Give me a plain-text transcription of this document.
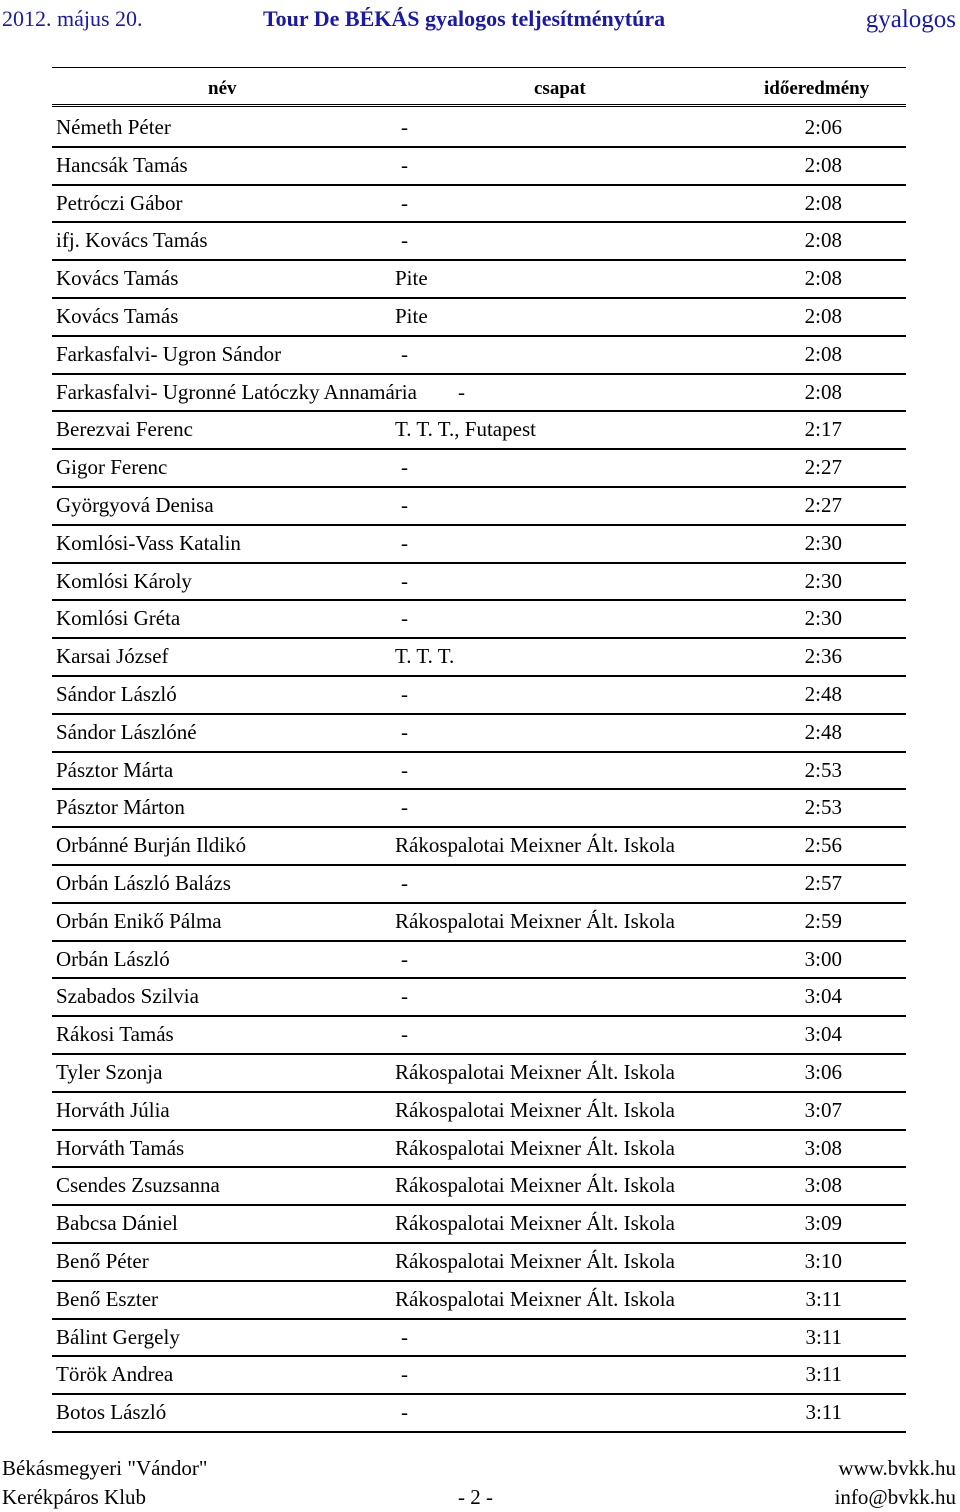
2012. május 20.	Tour De BÉKÁS gyalogos teljesítménytúra	gyalogos
név	csapat	időeredmény
Németh Péter	-	2:06
Hancsák Tamás	-	2:08
Petróczi Gábor	-	2:08
ifj. Kovács Tamás	-	2:08
Kovács Tamás	Pite	2:08
Kovács Tamás	Pite	2:08
Farkasfalvi- Ugron Sándor	-	2:08
Farkasfalvi- Ugronné Latóczky Annamária -	2:08
Berezvai Ferenc	T. T. T., Futapest	2:17
Gigor Ferenc	-	2:27
Györgyová Denisa	-	2:27
Komlósi-Vass Katalin	-	2:30
Komlósi Károly	-	2:30
Komlósi Gréta	-	2:30
Karsai József	T. T. T.	2:36
Sándor László	-	2:48
Sándor Lászlóné	-	2:48
Pásztor Márta	-	2:53
Pásztor Márton	-	2:53
Orbánné Burján Ildikó	Rákospalotai Meixner Ált. Iskola	2:56
Orbán László Balázs	-	2:57
Orbán Enikő Pálma	Rákospalotai Meixner Ált. Iskola	2:59
Orbán László	-	3:00
Szabados Szilvia	-	3:04
Rákosi Tamás	-	3:04
Tyler Szonja	Rákospalotai Meixner Ált. Iskola	3:06
Horváth Júlia	Rákospalotai Meixner Ált. Iskola	3:07
Horváth Tamás	Rákospalotai Meixner Ált. Iskola	3:08
Csendes Zsuzsanna	Rákospalotai Meixner Ált. Iskola	3:08
Babcsa Dániel	Rákospalotai Meixner Ált. Iskola	3:09
Benő Péter	Rákospalotai Meixner Ált. Iskola	3:10
Benő Eszter	Rákospalotai Meixner Ált. Iskola	3:11
Bálint Gergely	-	3:11
Török Andrea	-	3:11
Botos László	-	3:11
Békásmegyeri "Vándor"
Kerékpáros Klub	- 2 -
www.bvkk.hu
info@bvkk.hu
